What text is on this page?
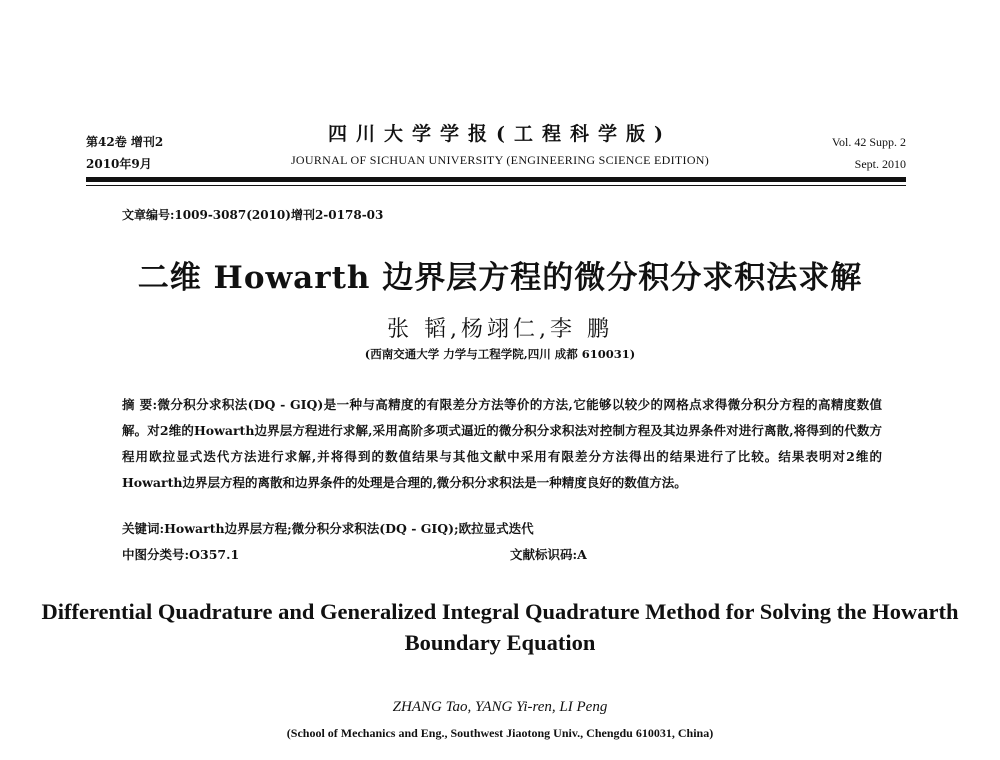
第42卷 增刊2
2010年9月
四川大学学报(工程科学版)
JOURNAL OF SICHUAN UNIVERSITY (ENGINEERING SCIENCE EDITION)
Vol. 42 Supp. 2
Sept. 2010
文章编号:1009-3087(2010)增刊2-0178-03
二维 Howarth 边界层方程的微分积分求积法求解
张 韬,杨翊仁,李 鹏
(西南交通大学 力学与工程学院,四川 成都 610031)
摘 要:微分积分求积法(DQ - GIQ)是一种与高精度的有限差分方法等价的方法,它能够以较少的网格点求得微分积分方程的高精度数值解。对2维的Howarth边界层方程进行求解,采用高阶多项式逼近的微分积分求积法对控制方程及其边界条件对进行离散,将得到的代数方程用欧拉显式迭代方法进行求解,并将得到的数值结果与其他文献中采用有限差分方法得出的结果进行了比较。结果表明对2维的Howarth边界层方程的离散和边界条件的处理是合理的,微分积分求积法是一种精度良好的数值方法。
关键词:Howarth边界层方程;微分积分求积法(DQ - GIQ);欧拉显式迭代
中图分类号:O357.1	文献标识码:A
Differential Quadrature and Generalized Integral Quadrature Method for Solving the Howarth Boundary Equation
ZHANG Tao, YANG Yi-ren, LI Peng
(School of Mechanics and Eng., Southwest Jiaotong Univ., Chengdu 610031, China)
